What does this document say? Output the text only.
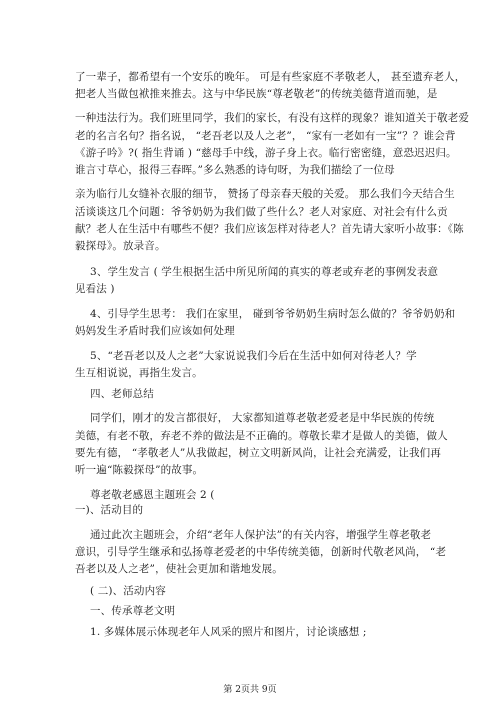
了一辈子，都希望有一个安乐的晚年。 可是有些家庭不孝敬老人， 甚至遗弃老人，
把老人当做包袱推来推去。这与中华民族“尊老敬老”的传统美德背道而驰，是
一种违法行为。我们班里同学，我们的家长，有没有这样的现象？谁知道关于敬老爱
老的名言名句？指名说， “老吾老以及人之老”， “家有一老如有一宝”？？谁会背
《游子吟》?( 指生背诵 ) “慈母手中线，游子身上衣。临行密密缝，意恐迟迟归。
谁言寸草心，报得三春晖。”多么熟悉的诗句呀，为我们描绘了一位母
亲为临行儿女缝补衣服的细节， 赞扬了母亲春天般的关爱。 那么我们今天结合生
活谈谈这几个问题：爷爷奶奶为我们做了些什么？老人对家庭、对社会有什么贡
献？老人在生活中有哪些不便？我们应该怎样对待老人？首先请大家听小故事：《陈
毅探母》。放录音。
3、学生发言 ( 学生根据生活中所见所闻的真实的尊老或弃老的事例发表意
见看法 )
4、引导学生思考： 我们在家里， 碰到爷爷奶奶生病时怎么做的？爷爷奶奶和
妈妈发生矛盾时我们应该如何处理
5、“老吾老以及人之老”大家说说我们今后在生活中如何对待老人？学
生互相说说，再指生发言。
四、老师总结
同学们，刚才的发言都很好， 大家都知道尊老敬老爱老是中华民族的传统
美德，有老不敬，弃老不养的做法是不正确的。尊敬长辈才是做人的美德，做人
要先有德， “孝敬老人”从我做起，树立文明新风尚，让社会充满爱，让我们再
听一遍“陈毅探母”的故事。
尊老敬老感恩主题班会 2 (
一)、活动目的
通过此次主题班会，介绍“老年人保护法”的有关内容，增强学生尊老敬老
意识，引导学生继承和弘扬尊老爱老的中华传统美德，创新时代敬老风尚， “老
吾老以及人之老”，使社会更加和谐地发展。
( 二)、活动内容
一、传承尊老文明
1. 多媒体展示体现老年人风采的照片和图片，讨论谈感想 ;
第 2页共 9页
